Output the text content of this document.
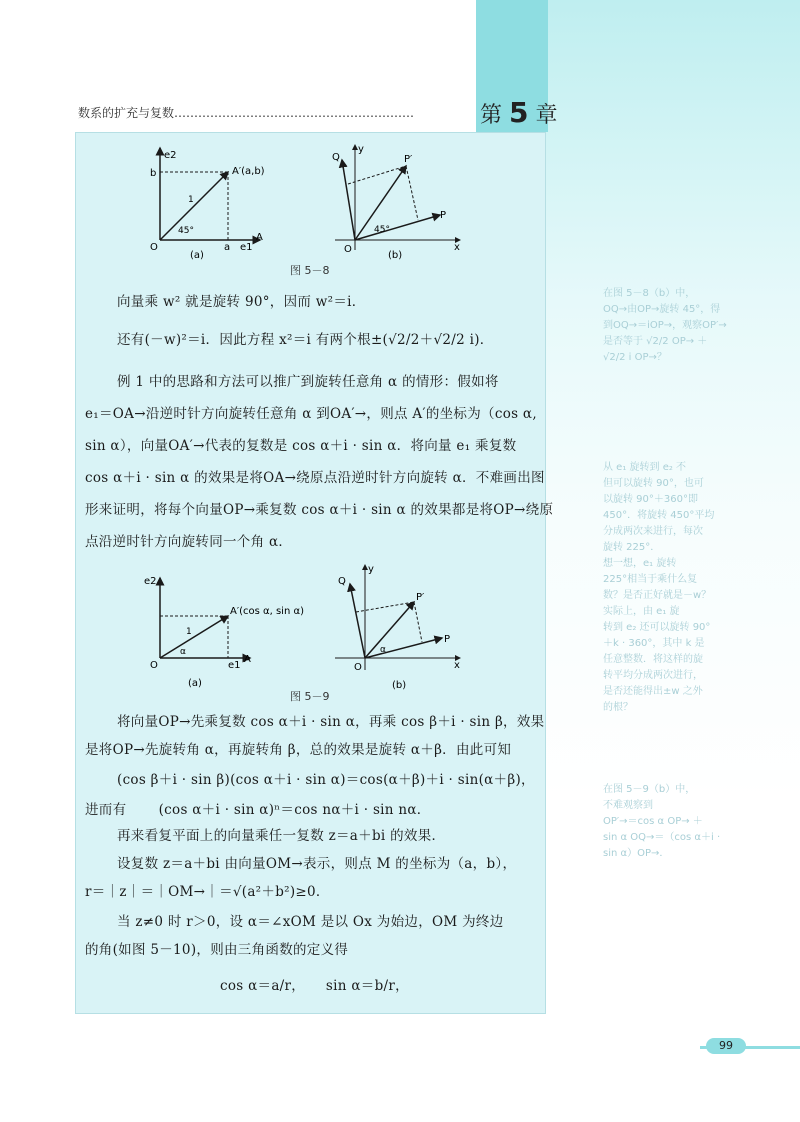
数系的扩充与复数……………………………………………………	第 5 章
e2
b	A′(a,b)
1
45°
O	a e1
A
(a)
y
Q	P′
P
45°
O	x
(b)
图 5－8
向量乘 w² 就是旋转 90°，因而 w²＝i．
还有(－w)²＝i．因此方程 x²＝i 有两个根±(√2/2＋√2/2 i)．
例 1 中的思路和方法可以推广到旋转任意角 α 的情形：假如将
e₁＝OA→沿逆时针方向旋转任意角 α 到OA′→，则点 A′的坐标为（cos α,
sin α），向量OA′→代表的复数是 cos α＋i · sin α．将向量 e₁ 乘复数
cos α＋i · sin α 的效果是将OA→绕原点沿逆时针方向旋转 α．不难画出图
形来证明，将每个向量OP→乘复数 cos α＋i · sin α 的效果都是将OP→绕原
点沿逆时针方向旋转同一个角 α．
e2
A′(cos α, sin α)
1
α
O	e1
A
(a)
y
Q
P′
P
α
O	x
(b)
图 5－9
将向量OP→先乘复数 cos α＋i · sin α，再乘 cos β＋i · sin β，效果
是将OP→先旋转角 α，再旋转角 β，总的效果是旋转 α＋β．由此可知
(cos β＋i · sin β)(cos α＋i · sin α)＝cos(α＋β)＋i · sin(α＋β)，
进而有　　 (cos α＋i · sin α)ⁿ＝cos nα＋i · sin nα．
再来看复平面上的向量乘任一复数 z＝a＋bi 的效果．
设复数 z＝a＋bi 由向量OM→表示，则点 M 的坐标为（a，b），
r＝｜z｜＝｜OM→｜＝√(a²＋b²)≥0．
当 z≠0 时 r＞0，设 α＝∠xOM 是以 Ox 为始边，OM 为终边
的角(如图 5－10)，则由三角函数的定义得
cos α＝a/r，　　sin α＝b/r，
在图 5－8（b）中，
OQ→由OP→旋转 45°，得
到OQ→＝iOP→，观察OP′→
是否等于 √2/2 OP→ ＋
√2/2 i OP→？
从 e₁ 旋转到 e₂ 不
但可以旋转 90°，也可
以旋转 90°＋360°即
450°．将旋转 450°平均
分成两次来进行，每次
旋转 225°．
想一想，e₁ 旋转
225°相当于乘什么复
数？是否正好就是－w？
实际上，由 e₁ 旋
转到 e₂ 还可以旋转 90°
＋k · 360°，其中 k 是
任意整数．将这样的旋
转平均分成两次进行，
是否还能得出±w 之外
的根？
在图 5－9（b）中，
不难观察到
OP′→＝cos α OP→ ＋
sin α OQ→＝（cos α＋i ·
sin α）OP→．
99
